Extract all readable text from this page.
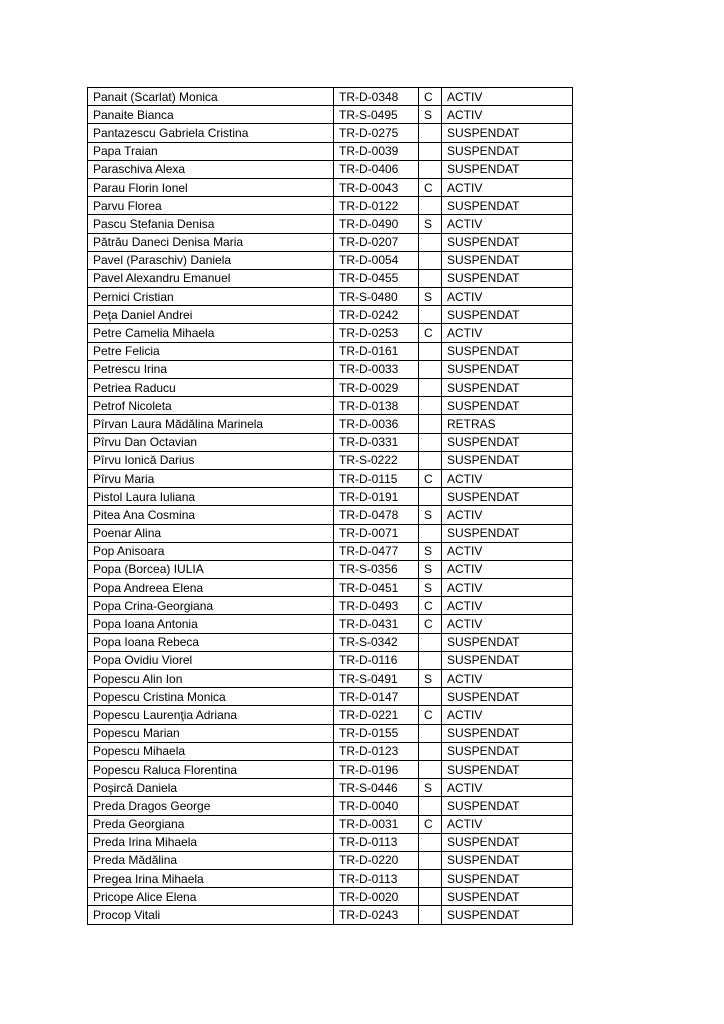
Panait (Scarlat) Monica	TR-D-0348	C	ACTIV
Panaite Bianca	TR-S-0495	S	ACTIV
Pantazescu Gabriela Cristina	TR-D-0275		SUSPENDAT
Papa Traian	TR-D-0039		SUSPENDAT
Paraschiva Alexa	TR-D-0406		SUSPENDAT
Parau Florin Ionel	TR-D-0043	C	ACTIV
Parvu Florea	TR-D-0122		SUSPENDAT
Pascu Stefania Denisa	TR-D-0490	S	ACTIV
Pătrău Daneci Denisa Maria	TR-D-0207		SUSPENDAT
Pavel (Paraschiv) Daniela	TR-D-0054		SUSPENDAT
Pavel Alexandru Emanuel	TR-D-0455		SUSPENDAT
Pernici Cristian	TR-S-0480	S	ACTIV
Peţa Daniel Andrei	TR-D-0242		SUSPENDAT
Petre Camelia Mihaela	TR-D-0253	C	ACTIV
Petre Felicia	TR-D-0161		SUSPENDAT
Petrescu Irina	TR-D-0033		SUSPENDAT
Petriea Raducu	TR-D-0029		SUSPENDAT
Petrof Nicoleta	TR-D-0138		SUSPENDAT
Pîrvan Laura Mădălina Marinela	TR-D-0036		RETRAS
Pîrvu Dan Octavian	TR-D-0331		SUSPENDAT
Pîrvu Ionică Darius	TR-S-0222		SUSPENDAT
Pîrvu Maria	TR-D-0115	C	ACTIV
Pistol Laura Iuliana	TR-D-0191		SUSPENDAT
Pitea Ana Cosmina	TR-D-0478	S	ACTIV
Poenar Alina	TR-D-0071		SUSPENDAT
Pop Anisoara	TR-D-0477	S	ACTIV
Popa (Borcea) IULIA	TR-S-0356	S	ACTIV
Popa Andreea Elena	TR-D-0451	S	ACTIV
Popa Crina-Georgiana	TR-D-0493	C	ACTIV
Popa Ioana Antonia	TR-D-0431	C	ACTIV
Popa Ioana Rebeca	TR-S-0342		SUSPENDAT
Popa Ovidiu Viorel	TR-D-0116		SUSPENDAT
Popescu Alin Ion	TR-S-0491	S	ACTIV
Popescu Cristina Monica	TR-D-0147		SUSPENDAT
Popescu Laurenţia Adriana	TR-D-0221	C	ACTIV
Popescu Marian	TR-D-0155		SUSPENDAT
Popescu Mihaela	TR-D-0123		SUSPENDAT
Popescu Raluca Florentina	TR-D-0196		SUSPENDAT
Poşircă Daniela	TR-S-0446	S	ACTIV
Preda Dragos George	TR-D-0040		SUSPENDAT
Preda Georgiana	TR-D-0031	C	ACTIV
Preda Irina Mihaela	TR-D-0113		SUSPENDAT
Preda Mădălina	TR-D-0220		SUSPENDAT
Pregea Irina Mihaela	TR-D-0113		SUSPENDAT
Pricope Alice Elena	TR-D-0020		SUSPENDAT
Procop Vitali	TR-D-0243		SUSPENDAT
